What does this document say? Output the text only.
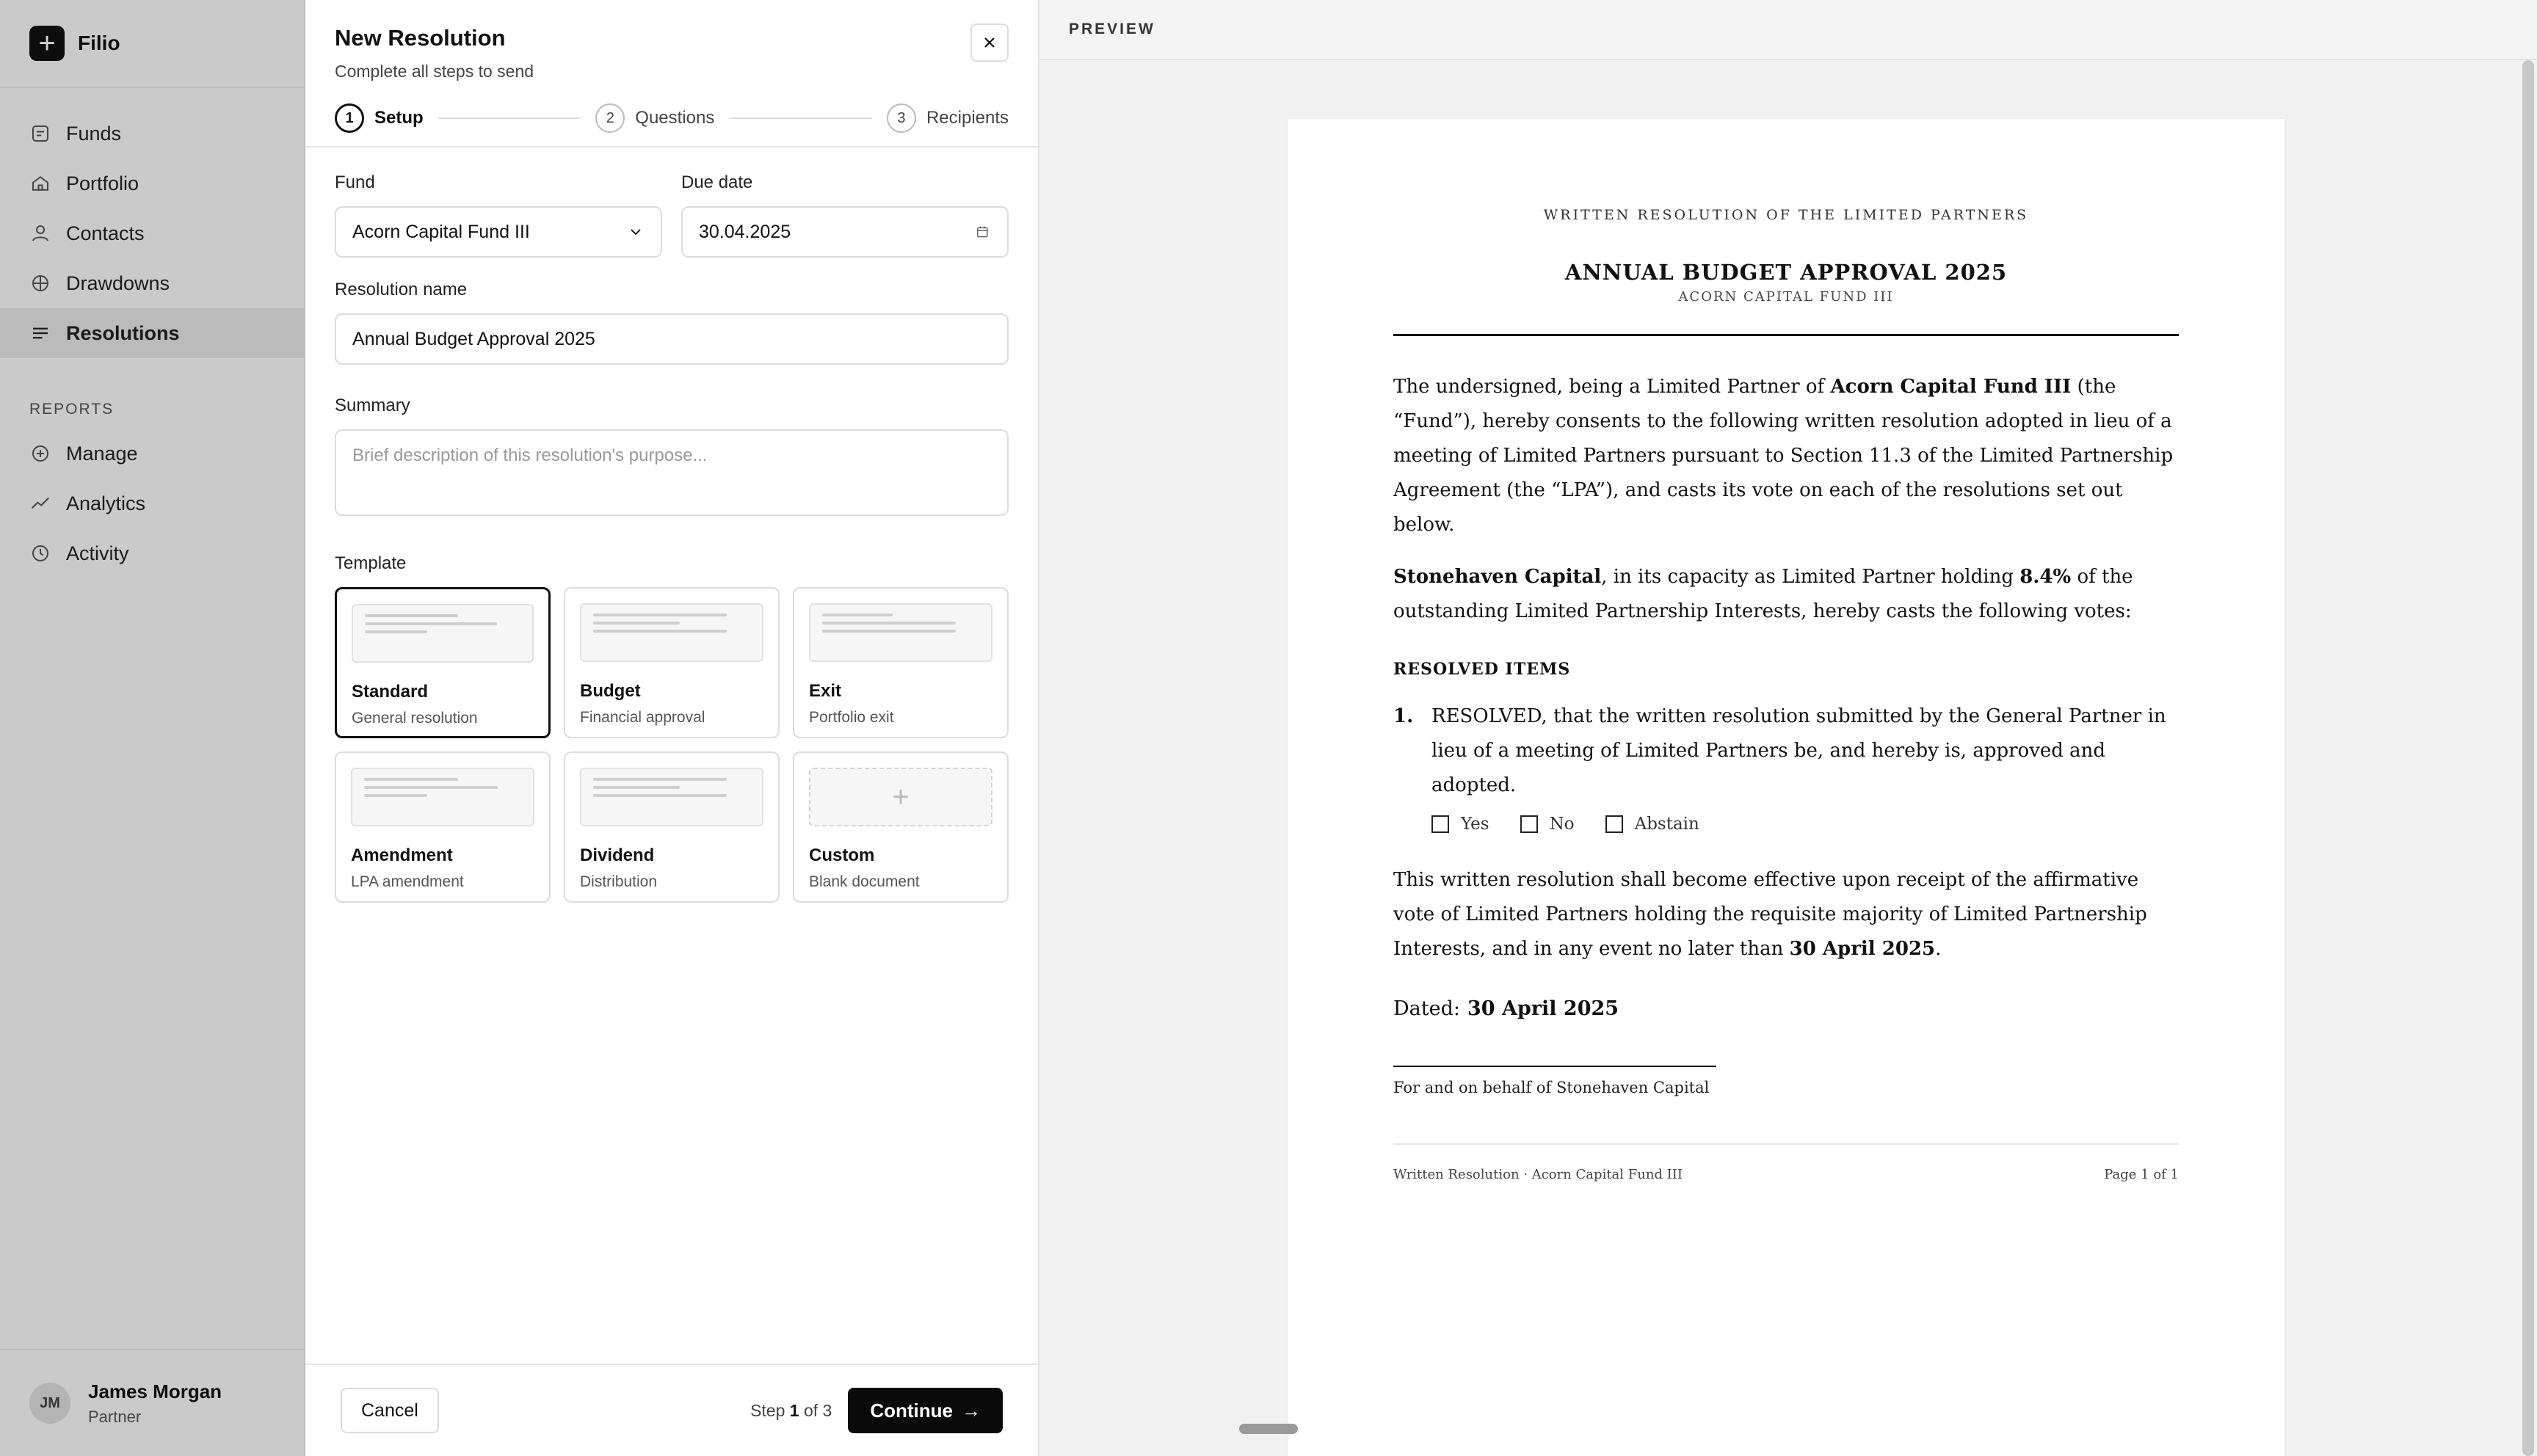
+	Filio
Funds
Portfolio
Contacts
Drawdowns
Resolutions
REPORTS
Manage
Analytics
Activity
JM
James Morgan
Partner
New Resolution
Complete all steps to send
1	Setup	2	Questions	3	Recipients
Fund
Acorn Capital Fund III
Due date
30.04.2025
Resolution name
Annual Budget Approval 2025
Summary
Brief description of this resolution's purpose...
Template
Standard
General resolution
Budget
Financial approval
Exit
Portfolio exit
Amendment
LPA amendment
Dividend
Distribution
+
Custom
Blank document
Cancel	Step 1 of 3 Continue →
PREVIEW
WRITTEN RESOLUTION OF THE LIMITED PARTNERS
ANNUAL BUDGET APPROVAL 2025
ACORN CAPITAL FUND III

The undersigned, being a Limited Partner of Acorn Capital Fund III (the “Fund”), hereby consents to the following written resolution adopted in lieu of a meeting of Limited Partners pursuant to Section 11.3 of the Limited Partnership Agreement (the “LPA”), and casts its vote on each of the resolutions set out below.

Stonehaven Capital, in its capacity as Limited Partner holding 8.4% of the outstanding Limited Partnership Interests, hereby casts the following votes:

RESOLVED ITEMS
1. RESOLVED, that the written resolution submitted by the General Partner in lieu of a meeting of Limited Partners be, and hereby is, approved and adopted.
Yes	No	Abstain

This written resolution shall become effective upon receipt of the affirmative vote of Limited Partners holding the requisite majority of Limited Partnership Interests, and in any event no later than 30 April 2025.

Dated: 30 April 2025
For and on behalf of Stonehaven Capital
Written Resolution · Acorn Capital Fund III	Page 1 of 1
